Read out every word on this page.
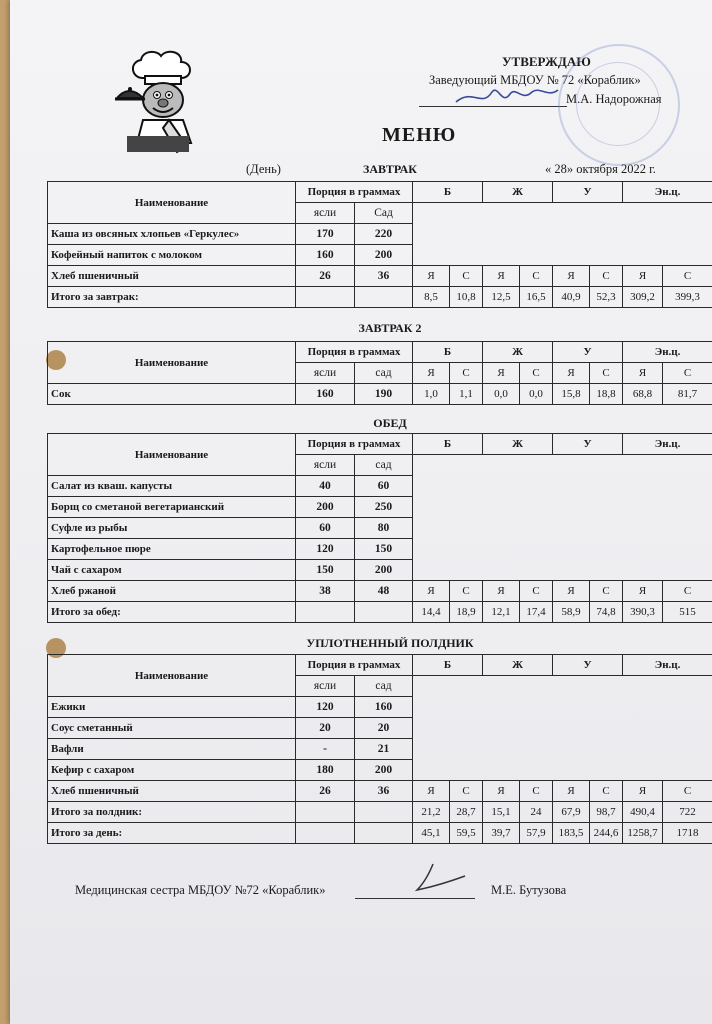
УТВЕРЖДАЮ
Заведующий МБДОУ № 72 «Кораблик»
М.А. Надорожная
МЕНЮ
(День)	« 28» октября 2022 г.
ЗАВТРАК
Наименование	Порция в граммах		Б		Ж		У		Эн.ц.	
	ясли	Сад								
Каша из овсяных хлопьев «Геркулес»	170	220								
Кофейный напиток с молоком	160	200								
Хлеб пшеничный	26	36	Я	С	Я	С	Я	С	Я	С
Итого за завтрак:			8,5	10,8	12,5	16,5	40,9	52,3	309,2	399,3
ЗАВТРАК 2
Наименование	Порция в граммах		Б		Ж		У		Эн.ц.	
	ясли	сад	Я	С	Я	С	Я	С	Я	С
Сок	160	190	1,0	1,1	0,0	0,0	15,8	18,8	68,8	81,7
ОБЕД
Наименование	Порция в граммах		Б		Ж		У		Эн.ц.	
	ясли	сад								
Салат из кваш. капусты	40	60								
Борщ со сметаной вегетарианский	200	250								
Суфле из рыбы	60	80								
Картофельное пюре	120	150								
Чай с сахаром	150	200								
Хлеб ржаной	38	48	Я	С	Я	С	Я	С	Я	С
Итого за обед:			14,4	18,9	12,1	17,4	58,9	74,8	390,3	515
УПЛОТНЕННЫЙ ПОЛДНИК
Наименование	Порция в граммах		Б		Ж		У		Эн.ц.	
	ясли	сад								
Ежики	120	160								
Соус сметанный	20	20								
Вафли	-	21								
Кефир с сахаром	180	200								
Хлеб пшеничный	26	36	Я	С	Я	С	Я	С	Я	С
Итого за полдник:			21,2	28,7	15,1	24	67,9	98,7	490,4	722
Итого за день:			45,1	59,5	39,7	57,9	183,5	244,6	1258,7	1718
Медицинская сестра МБДОУ №72 «Кораблик»	М.Е. Бутузова
